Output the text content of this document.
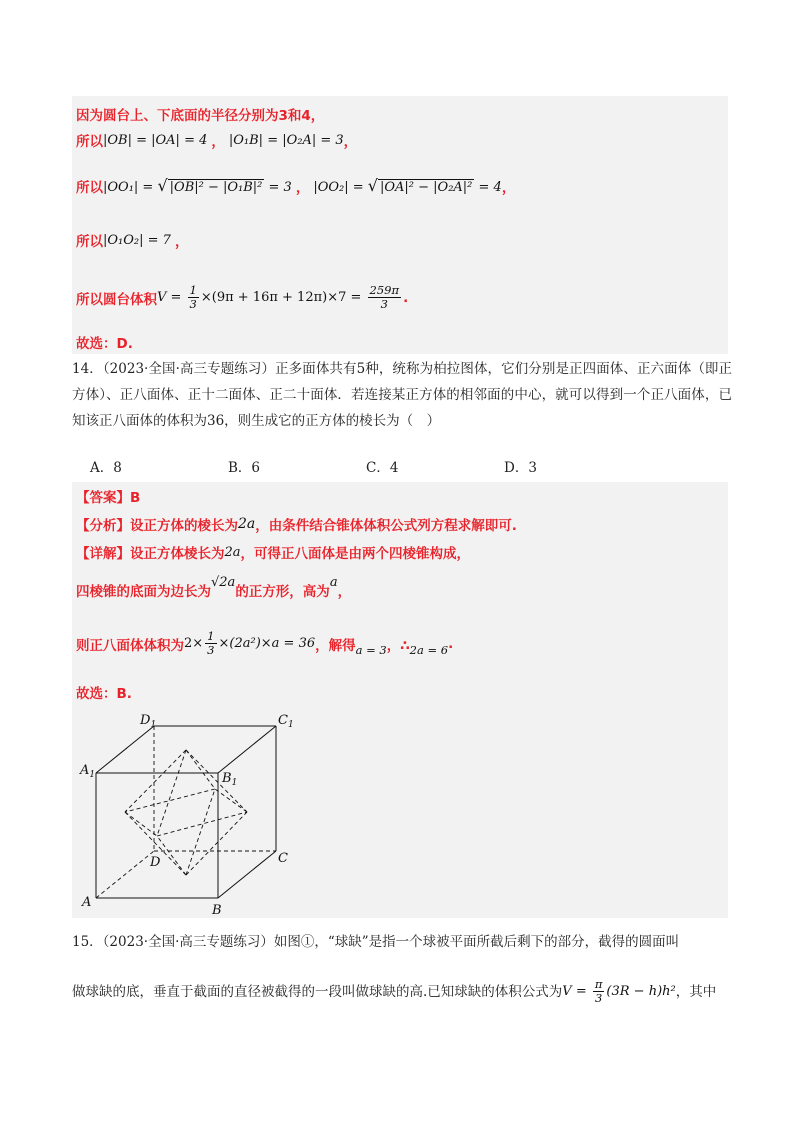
因为圆台上、下底面的半径分别为3和4，
所以 |OB| = |OA| = 4 ， |O₁B| = |O₂A| = 3 ，
所以 |OO₁| = √ |OB|² − |O₁B|² = 3 ， |OO₂| = √ |OA|² − |O₂A|² = 4 ，
所以 |O₁O₂| = 7 ，
所以圆台体积 $V = \frac{1}{3} \times(9\pi + 16\pi + 12\pi)\times 7 = \frac{259\pi}{3}$ .
故选：D.
14．（2023·全国·高三专题练习）正多面体共有5种，统称为柏拉图体，它们分别是正四面体、正六面体（即正方体）、正八面体、正十二面体、正二十面体．若连接某正方体的相邻面的中心，就可以得到一个正八面体，已知该正八面体的体积为36，则生成它的正方体的棱长为（　）
A．8	B．6	C．4	D．3
【答案】B
【分析】设正方体的棱长为 2a ，由条件结合锥体体积公式列方程求解即可.
【详解】设正方体棱长为 2a ，可得正八面体是由两个四棱锥构成，
四棱锥的底面为边长为
√2a
的正方形，高为
a
，
则正八面体体积为 $2\times \frac{1}{3} \times(2a^2)\times a = 36$ ，解得 a = 3 ，∴ 2a = 6 .
故选：B.
$D_1$	$C_1$
$A_1$	$B_1$
D	C
A
B
15．（2023·全国·高三专题练习）如图①，“球缺”是指一个球被平面所截后剩下的部分，截得的圆面叫
做球缺的底，垂直于截面的直径被截得的一段叫做球缺的高.已知球缺的体积公式为 $V = \frac{\pi}{3} (3R - h)h^2$ ，其中
